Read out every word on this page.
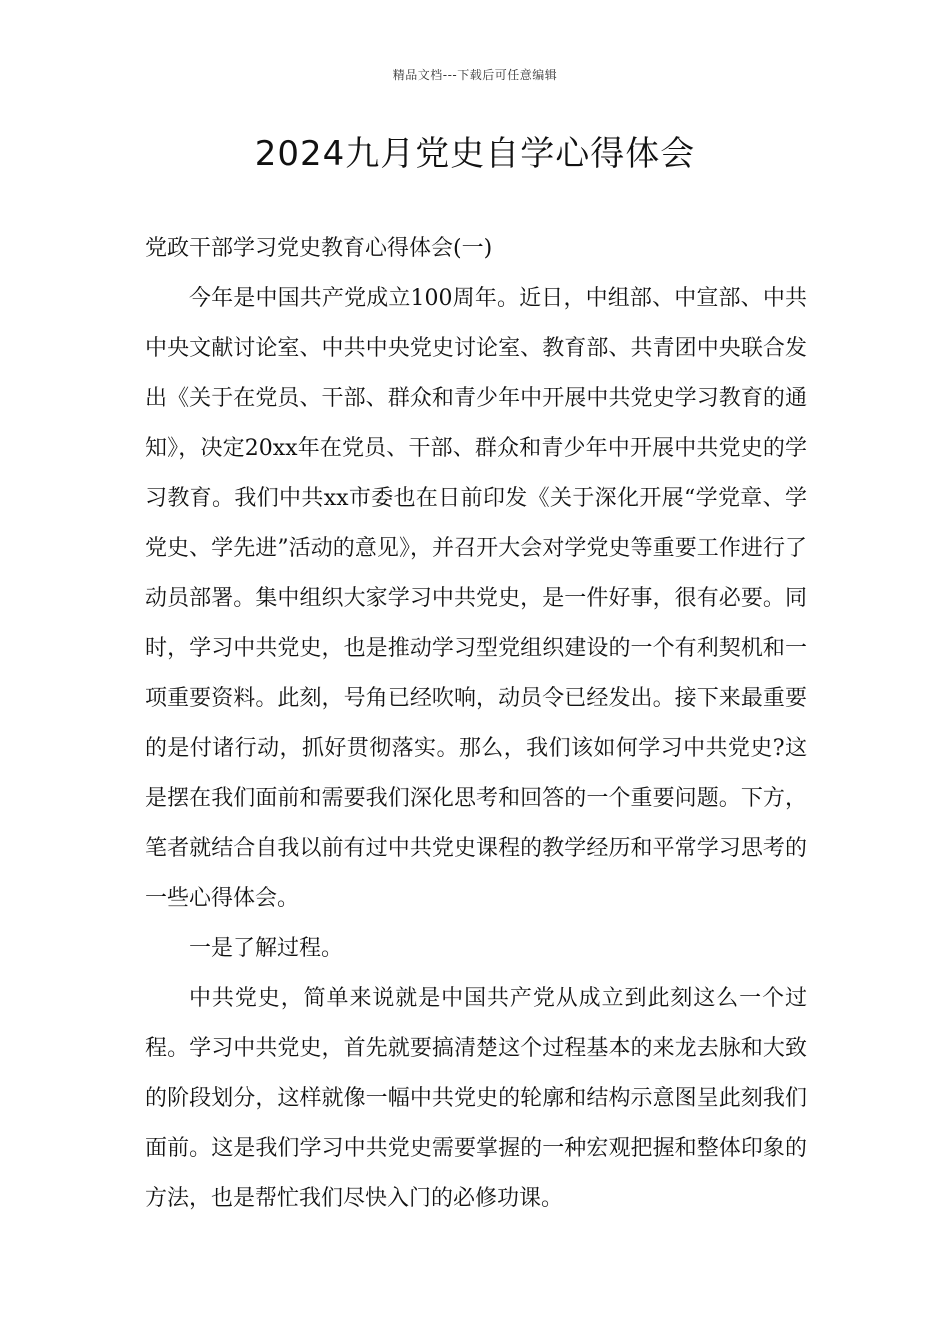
精品文档---下载后可任意编辑
2024九月党史自学心得体会

党政干部学习党史教育心得体会(一)

今年是中国共产党成立100周年。近日，中组部、中宣部、中共中央文献讨论室、中共中央党史讨论室、教育部、共青团中央联合发出《关于在党员、干部、群众和青少年中开展中共党史学习教育的通知》，决定20xx年在党员、干部、群众和青少年中开展中共党史的学习教育。我们中共xx市委也在日前印发《关于深化开展“学党章、学党史、学先进”活动的意见》，并召开大会对学党史等重要工作进行了动员部署。集中组织大家学习中共党史，是一件好事，很有必要。同时，学习中共党史，也是推动学习型党组织建设的一个有利契机和一项重要资料。此刻，号角已经吹响，动员令已经发出。接下来最重要的是付诸行动，抓好贯彻落实。那么，我们该如何学习中共党史?这是摆在我们面前和需要我们深化思考和回答的一个重要问题。下方，笔者就结合自我以前有过中共党史课程的教学经历和平常学习思考的一些心得体会。

一是了解过程。

中共党史，简单来说就是中国共产党从成立到此刻这么一个过程。学习中共党史，首先就要搞清楚这个过程基本的来龙去脉和大致的阶段划分，这样就像一幅中共党史的轮廓和结构示意图呈此刻我们面前。这是我们学习中共党史需要掌握的一种宏观把握和整体印象的方法，也是帮忙我们尽快入门的必修功课。
